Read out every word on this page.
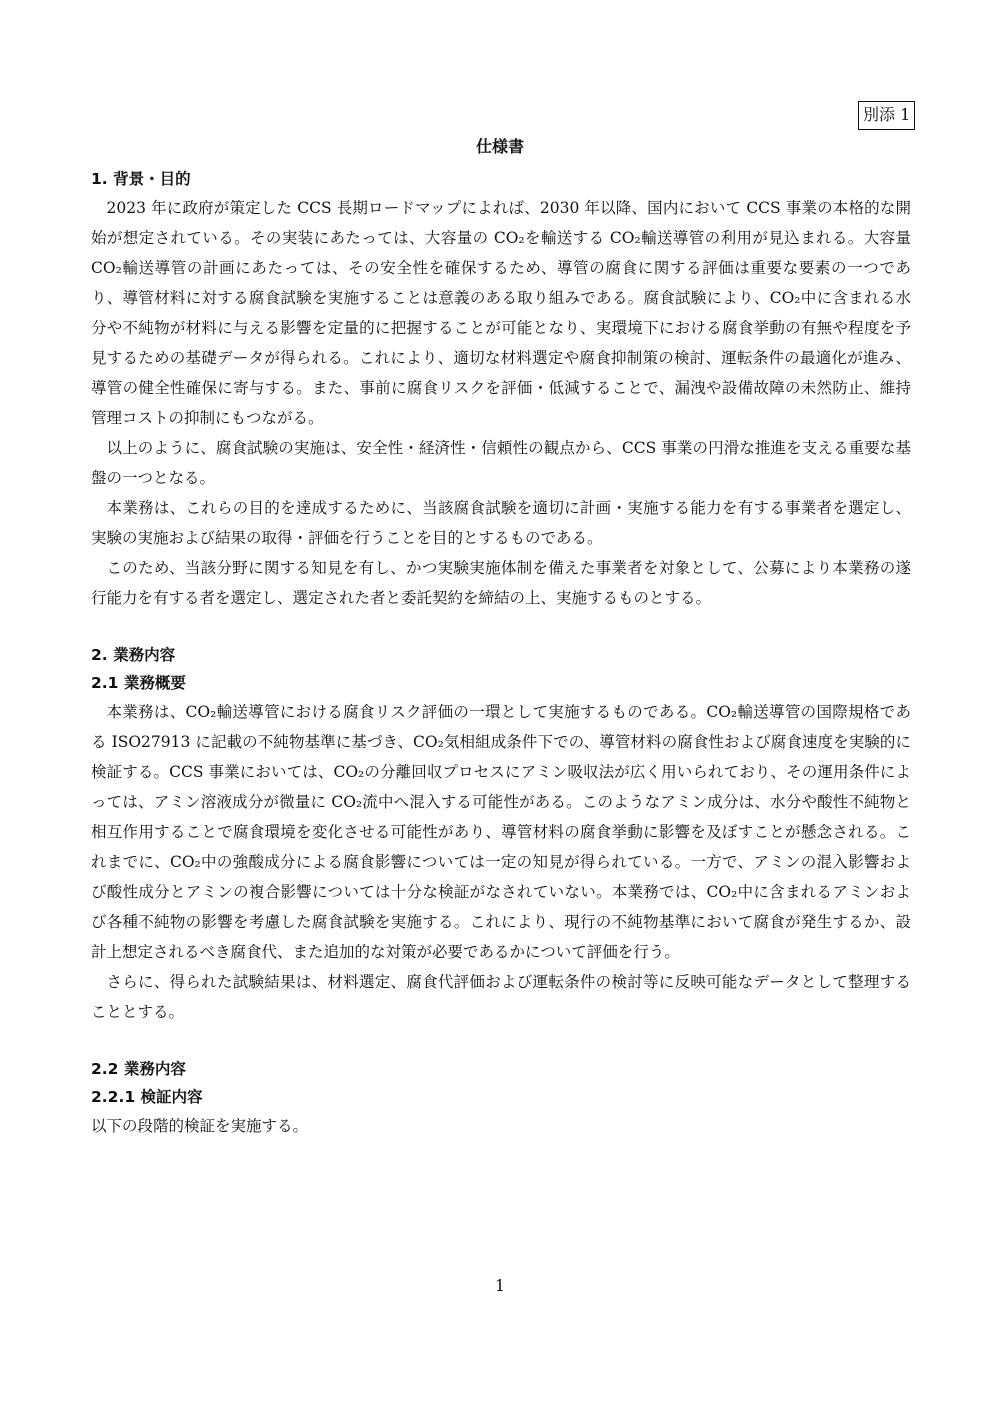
別添 1
仕様書
1. 背景・目的

2023 年に政府が策定した CCS 長期ロードマップによれば、2030 年以降、国内において CCS 事業の本格的な開始が想定されている。その実装にあたっては、大容量の CO₂を輸送する CO₂輸送導管の利用が見込まれる。大容量 CO₂輸送導管の計画にあたっては、その安全性を確保するため、導管の腐食に関する評価は重要な要素の一つであり、導管材料に対する腐食試験を実施することは意義のある取り組みである。腐食試験により、CO₂中に含まれる水分や不純物が材料に与える影響を定量的に把握することが可能となり、実環境下における腐食挙動の有無や程度を予見するための基礎データが得られる。これにより、適切な材料選定や腐食抑制策の検討、運転条件の最適化が進み、導管の健全性確保に寄与する。また、事前に腐食リスクを評価・低減することで、漏洩や設備故障の未然防止、維持管理コストの抑制にもつながる。

以上のように、腐食試験の実施は、安全性・経済性・信頼性の観点から、CCS 事業の円滑な推進を支える重要な基盤の一つとなる。

本業務は、これらの目的を達成するために、当該腐食試験を適切に計画・実施する能力を有する事業者を選定し、実験の実施および結果の取得・評価を行うことを目的とするものである。

このため、当該分野に関する知見を有し、かつ実験実施体制を備えた事業者を対象として、公募により本業務の遂行能力を有する者を選定し、選定された者と委託契約を締結の上、実施するものとする。

2. 業務内容
2.1 業務概要

本業務は、CO₂輸送導管における腐食リスク評価の一環として実施するものである。CO₂輸送導管の国際規格である ISO27913 に記載の不純物基準に基づき、CO₂気相組成条件下での、導管材料の腐食性および腐食速度を実験的に検証する。CCS 事業においては、CO₂の分離回収プロセスにアミン吸収法が広く用いられており、その運用条件によっては、アミン溶液成分が微量に CO₂流中へ混入する可能性がある。このようなアミン成分は、水分や酸性不純物と相互作用することで腐食環境を変化させる可能性があり、導管材料の腐食挙動に影響を及ぼすことが懸念される。これまでに、CO₂中の強酸成分による腐食影響については一定の知見が得られている。一方で、アミンの混入影響および酸性成分とアミンの複合影響については十分な検証がなされていない。本業務では、CO₂中に含まれるアミンおよび各種不純物の影響を考慮した腐食試験を実施する。これにより、現行の不純物基準において腐食が発生するか、設計上想定されるべき腐食代、また追加的な対策が必要であるかについて評価を行う。

さらに、得られた試験結果は、材料選定、腐食代評価および運転条件の検討等に反映可能なデータとして整理することとする。

2.2 業務内容
2.2.1 検証内容

以下の段階的検証を実施する。

1
